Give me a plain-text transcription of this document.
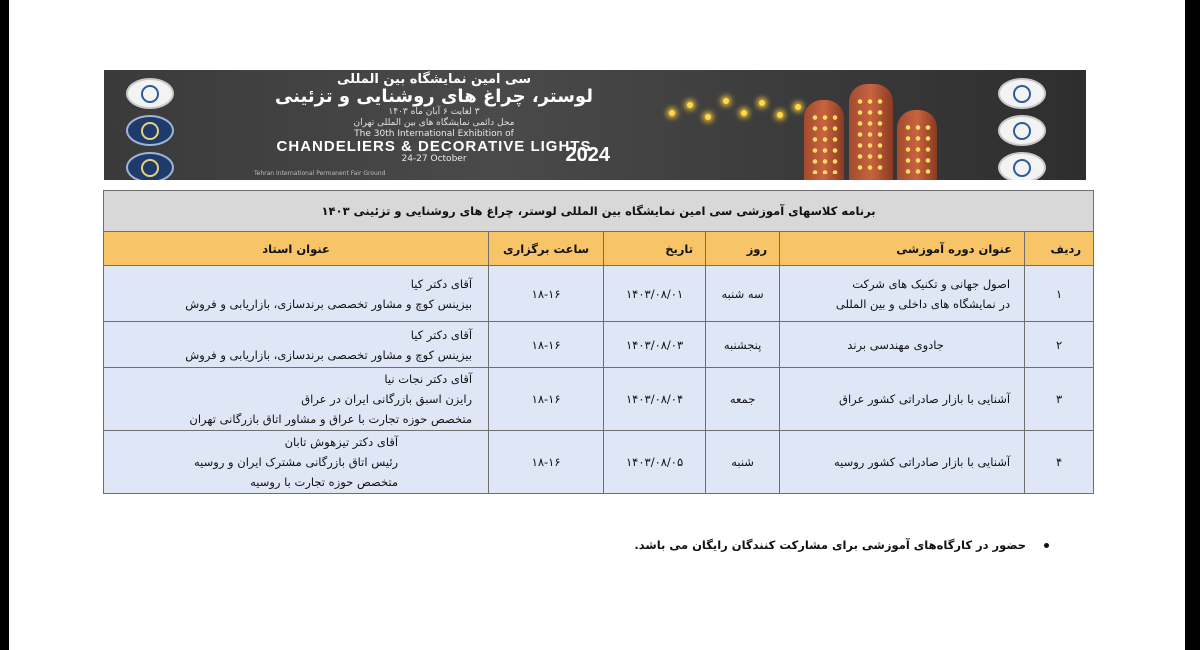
سی امین نمایشگاه بین المللی
لوستر، چراغ های روشنایی و تزئینی
۳ لغایت ۶ آبان ماه ۱۴۰۳
محل دائمی نمایشگاه های بین المللی تهران
The 30th International Exhibition of
CHANDELIERS & DECORATIVE LIGHTS
24-27 October	2024
Tehran International Permanent Fair Ground
برنامه کلاسهای آموزشی سی امین نمایشگاه بین المللی لوستر، چراغ های روشنایی و تزئینی ۱۴۰۳					
ردیف	عنوان دوره آموزشی	روز	تاریخ	ساعت برگزاری	عنوان استاد
۱	اصول جهانی و تکنیک های شرکت
در نمایشگاه های داخلی و بین المللی	سه شنبه	۱۴۰۳/۰۸/۰۱	۱۸-۱۶	آقای دکتر کیا
بیزینس کوچ و مشاور تخصصی برندسازی، بازاریابی و فروش

۲	جادوی مهندسی برند	پنجشنبه	۱۴۰۳/۰۸/۰۳	۱۸-۱۶	آقای دکتر کیا
بیزینس کوچ و مشاور تخصصی برندسازی، بازاریابی و فروش

۳	آشنایی با بازار صادراتی کشور عراق	جمعه	۱۴۰۳/۰۸/۰۴	۱۸-۱۶	آقای دکتر نجات نیا
رایزن اسبق بازرگانی ایران در عراق
متخصص حوزه تجارت با عراق و مشاور اتاق بازرگانی تهران

۴	آشنایی با بازار صادراتی کشور روسیه	شنبه	۱۴۰۳/۰۸/۰۵	۱۸-۱۶	آقای دکتر تیزهوش تابان
رئیس اتاق بازرگانی مشترک ایران و روسیه
متخصص حوزه تجارت با روسیه
حضور در کارگاه‌های آموزشی برای مشارکت کنندگان رایگان می باشد.
